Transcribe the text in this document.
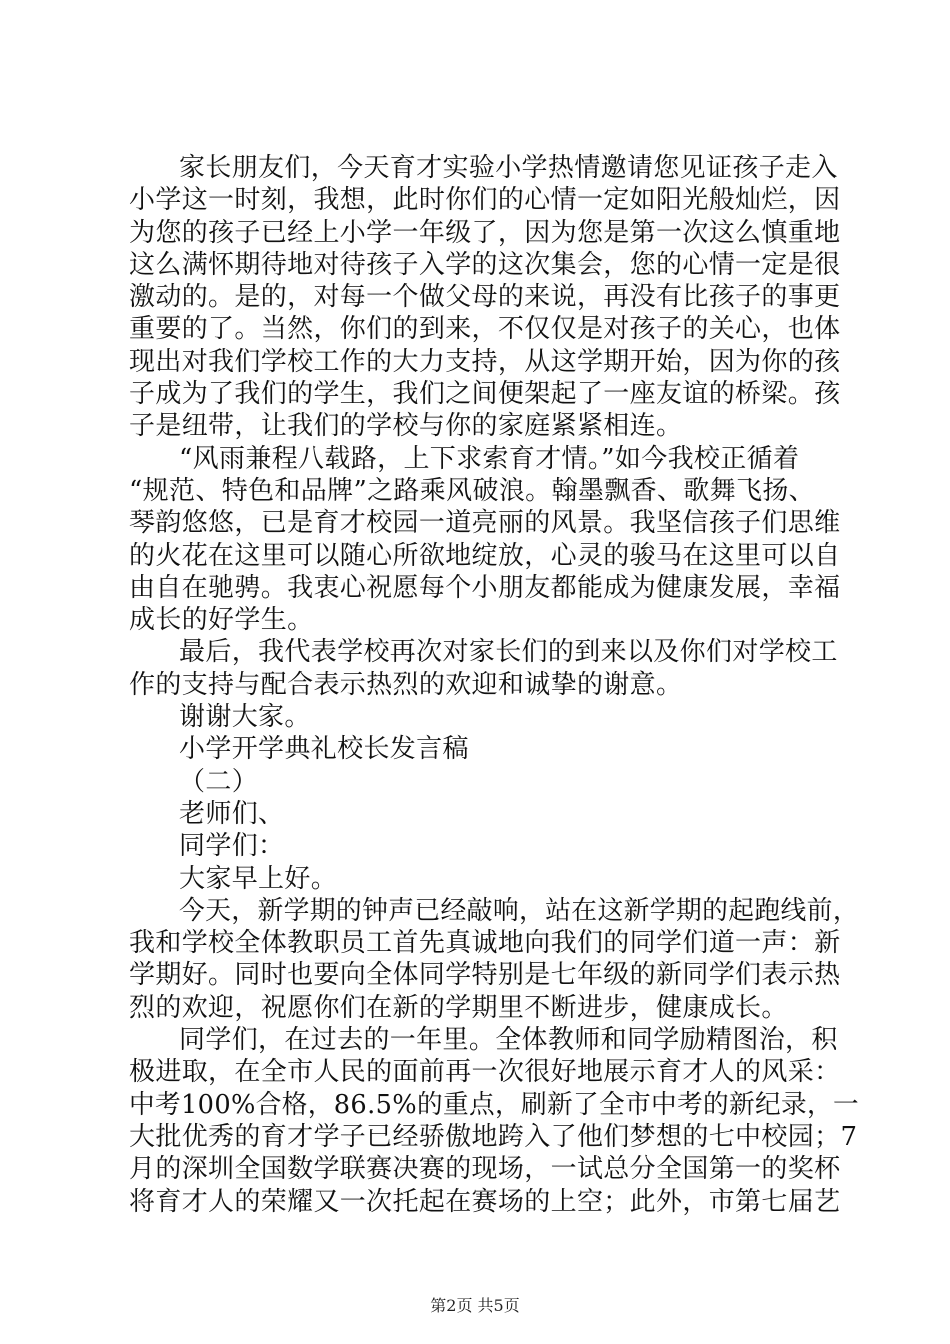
家长朋友们，今天育才实验小学热情邀请您见证孩子走入
小学这一时刻，我想，此时你们的心情一定如阳光般灿烂，因
为您的孩子已经上小学一年级了，因为您是第一次这么慎重地
这么满怀期待地对待孩子入学的这次集会，您的心情一定是很
激动的。是的，对每一个做父母的来说，再没有比孩子的事更
重要的了。当然，你们的到来，不仅仅是对孩子的关心，也体
现出对我们学校工作的大力支持，从这学期开始，因为你的孩
子成为了我们的学生，我们之间便架起了一座友谊的桥梁。孩
子是纽带，让我们的学校与你的家庭紧紧相连。
“风雨兼程八载路，上下求索育才情。”如今我校正循着
“规范、特色和品牌”之路乘风破浪。翰墨飘香、歌舞飞扬、
琴韵悠悠，已是育才校园一道亮丽的风景。我坚信孩子们思维
的火花在这里可以随心所欲地绽放，心灵的骏马在这里可以自
由自在驰骋。我衷心祝愿每个小朋友都能成为健康发展，幸福
成长的好学生。
最后，我代表学校再次对家长们的到来以及你们对学校工
作的支持与配合表示热烈的欢迎和诚挚的谢意。
谢谢大家。
小学开学典礼校长发言稿
（二）
老师们、
同学们：
大家早上好。
今天，新学期的钟声已经敲响，站在这新学期的起跑线前，
我和学校全体教职员工首先真诚地向我们的同学们道一声：新
学期好。同时也要向全体同学特别是七年级的新同学们表示热
烈的欢迎，祝愿你们在新的学期里不断进步，健康成长。
同学们，在过去的一年里。全体教师和同学励精图治，积
极进取，在全市人民的面前再一次很好地展示育才人的风采：
中考100%合格，86.5%的重点，刷新了全市中考的新纪录，一
大批优秀的育才学子已经骄傲地跨入了他们梦想的七中校园；7
月的深圳全国数学联赛决赛的现场，一试总分全国第一的奖杯
将育才人的荣耀又一次托起在赛场的上空；此外，市第七届艺
第2页 共5页
